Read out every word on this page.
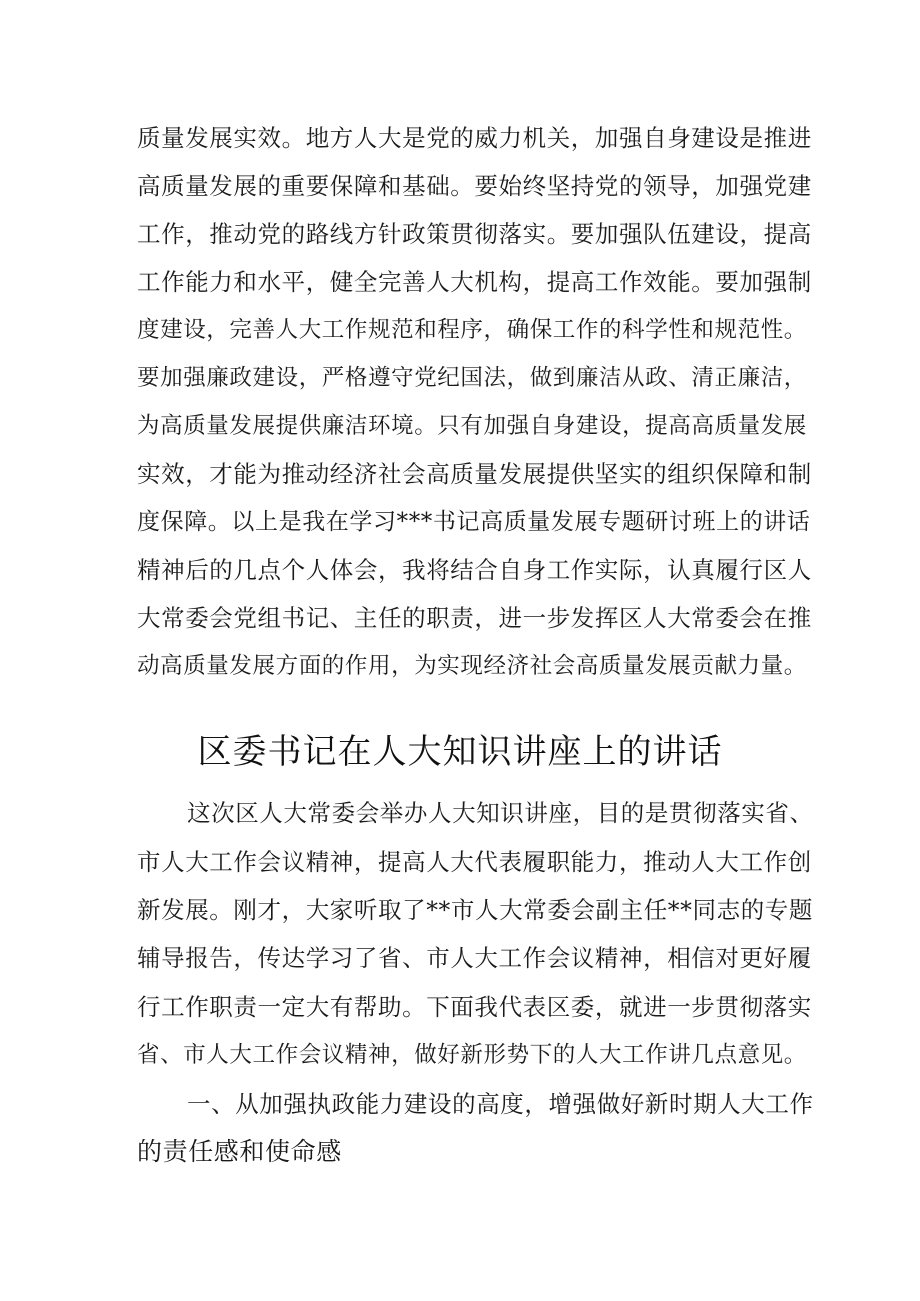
质量发展实效。地方人大是党的威力机关，加强自身建设是推进
高质量发展的重要保障和基础。要始终坚持党的领导，加强党建
工作，推动党的路线方针政策贯彻落实。要加强队伍建设，提高
工作能力和水平，健全完善人大机构，提高工作效能。要加强制
度建设，完善人大工作规范和程序，确保工作的科学性和规范性。
要加强廉政建设，严格遵守党纪国法，做到廉洁从政、清正廉洁，
为高质量发展提供廉洁环境。只有加强自身建设，提高高质量发展
实效，才能为推动经济社会高质量发展提供坚实的组织保障和制
度保障。以上是我在学习***书记高质量发展专题研讨班上的讲话
精神后的几点个人体会，我将结合自身工作实际，认真履行区人
大常委会党组书记、主任的职责，进一步发挥区人大常委会在推
动高质量发展方面的作用，为实现经济社会高质量发展贡献力量。
区委书记在人大知识讲座上的讲话
这次区人大常委会举办人大知识讲座，目的是贯彻落实省、
市人大工作会议精神，提高人大代表履职能力，推动人大工作创
新发展。刚才，大家听取了**市人大常委会副主任**同志的专题
辅导报告，传达学习了省、市人大工作会议精神，相信对更好履
行工作职责一定大有帮助。下面我代表区委，就进一步贯彻落实
省、市人大工作会议精神，做好新形势下的人大工作讲几点意见。
一、从加强执政能力建设的高度，增强做好新时期人大工作
的责任感和使命感
